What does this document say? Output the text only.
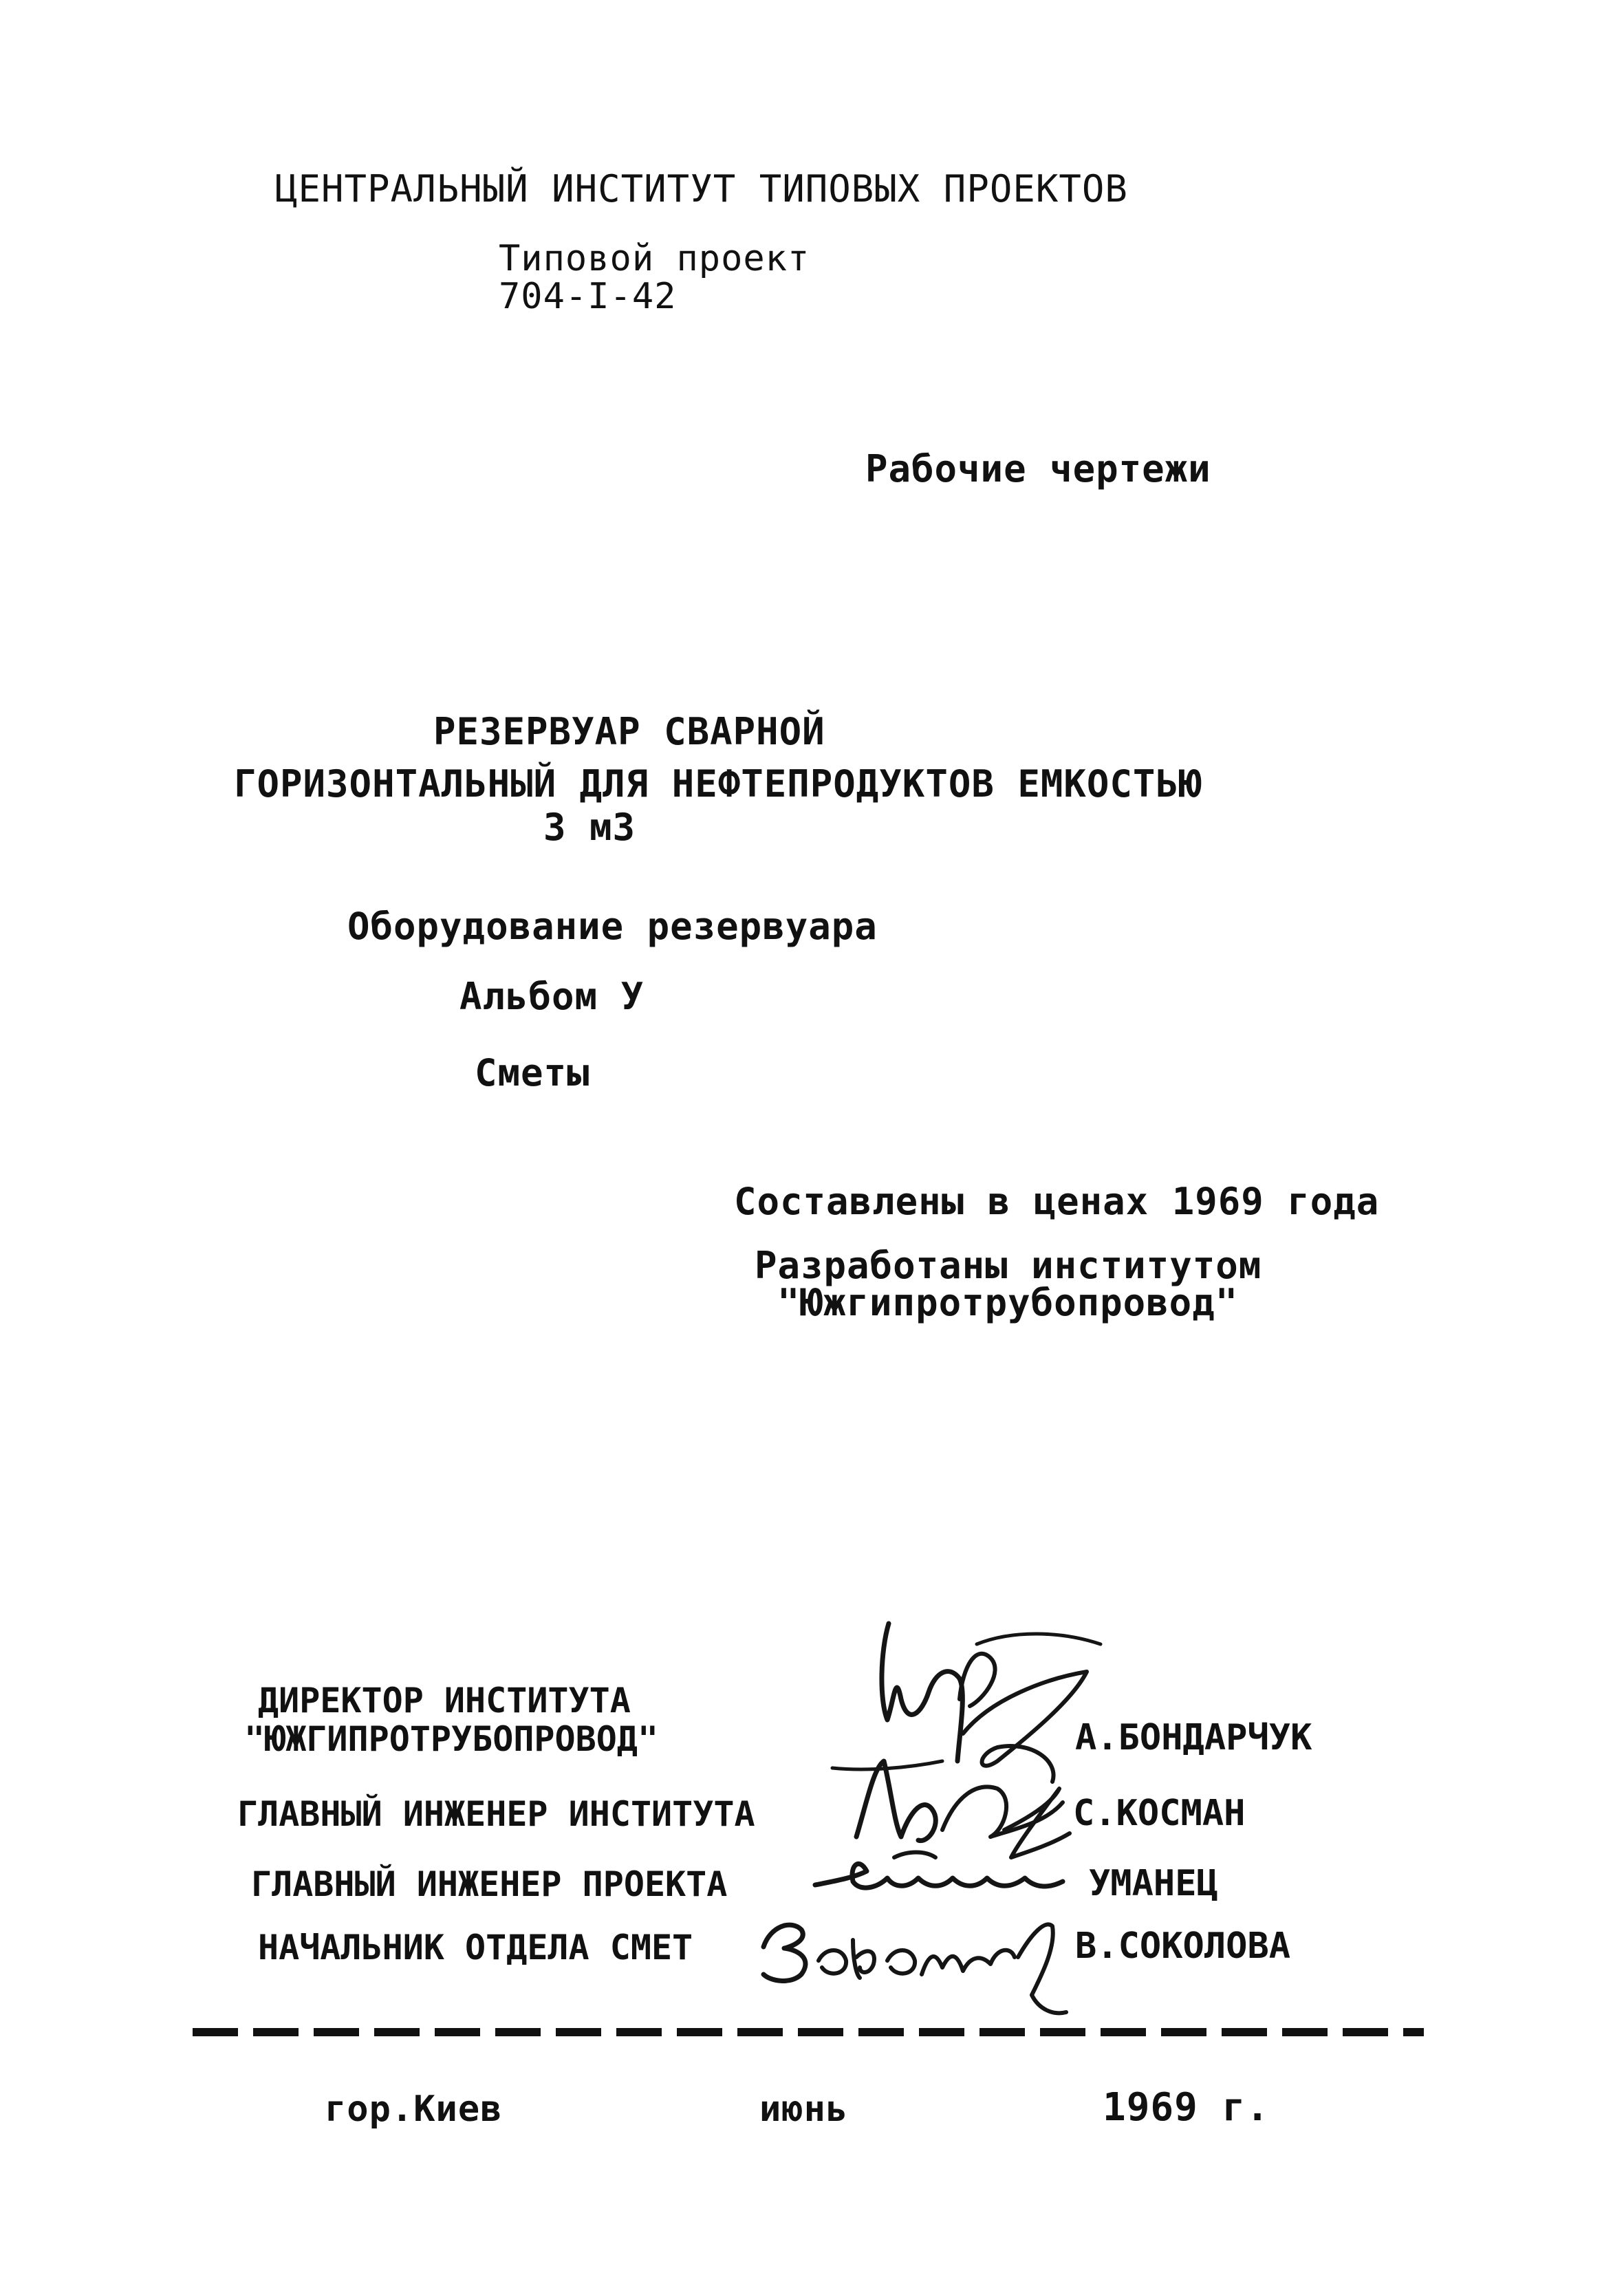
ЦЕНТРАЛЬНЫЙ ИНСТИТУТ ТИПОВЫХ ПРОЕКТОВ
Типовой проект
704-I-42
Рабочие чертежи
РЕЗЕРВУАР СВАРНОЙ
ГОРИЗОНТАЛЬНЫЙ ДЛЯ НЕФТЕПРОДУКТОВ ЕМКОСТЬЮ
3 м3
Оборудование резервуара
Альбом У
Сметы
Составлены в ценах 1969 года
Разработаны институтом
"Южгипротрубопровод"
ДИРЕКТОР ИНСТИТУТА
"ЮЖГИПРОТРУБОПРОВОД"	А.БОНДАРЧУК
ГЛАВНЫЙ ИНЖЕНЕР ИНСТИТУТА	С.КОСМАН
ГЛАВНЫЙ ИНЖЕНЕР ПРОЕКТА	УМАНЕЦ
НАЧАЛЬНИК ОТДЕЛА СМЕТ	В.СОКОЛОВА
гор.Киев	июнь	1969 г.
